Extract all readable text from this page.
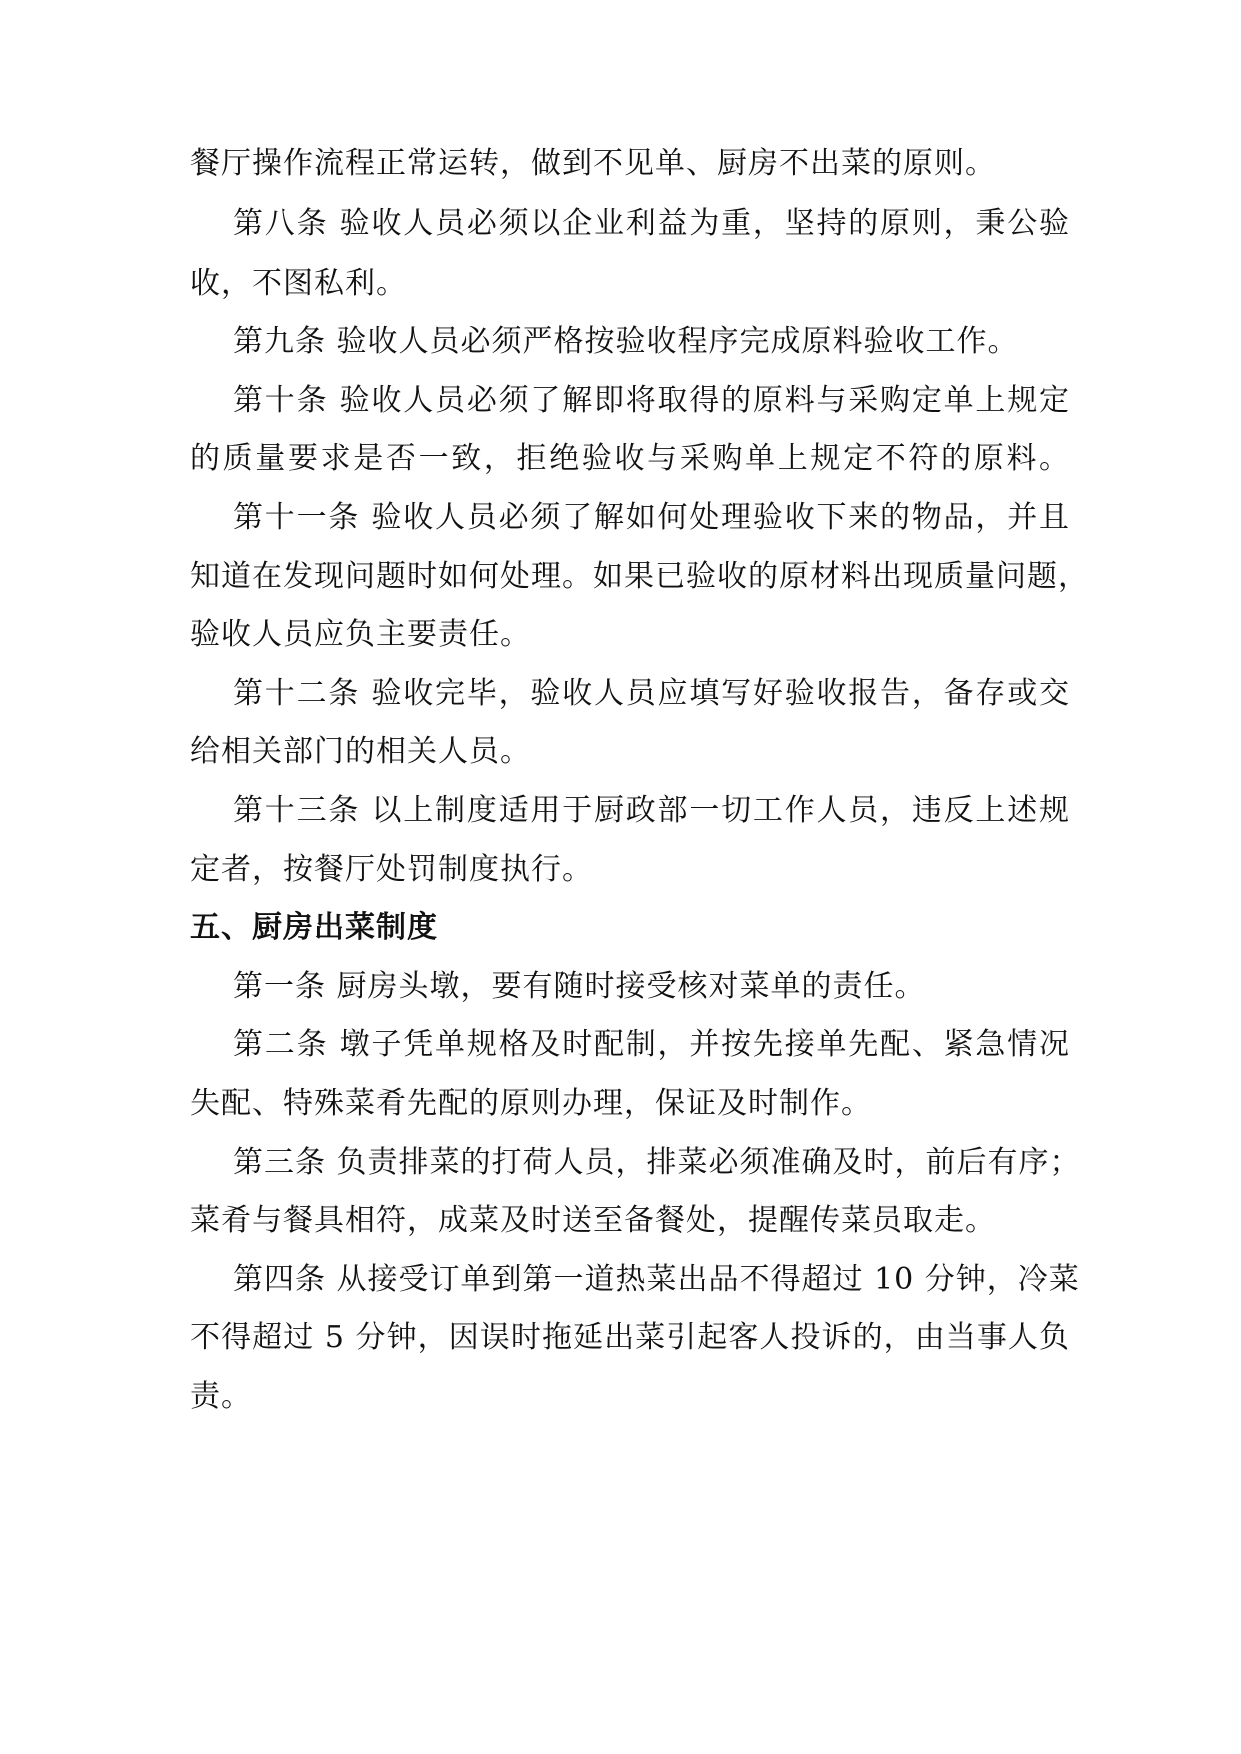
餐厅操作流程正常运转，做到不见单、厨房不出菜的原则。
第八条 验收人员必须以企业利益为重，坚持的原则，秉公验
收，不图私利。
第九条 验收人员必须严格按验收程序完成原料验收工作。
第十条 验收人员必须了解即将取得的原料与采购定单上规定
的质量要求是否一致，拒绝验收与采购单上规定不符的原料。
第十一条 验收人员必须了解如何处理验收下来的物品，并且
知道在发现问题时如何处理。如果已验收的原材料出现质量问题，
验收人员应负主要责任。
第十二条 验收完毕，验收人员应填写好验收报告，备存或交
给相关部门的相关人员。
第十三条 以上制度适用于厨政部一切工作人员，违反上述规
定者，按餐厅处罚制度执行。
五、厨房出菜制度
第一条 厨房头墩，要有随时接受核对菜单的责任。
第二条 墩子凭单规格及时配制，并按先接单先配、紧急情况
失配、特殊菜肴先配的原则办理，保证及时制作。
第三条 负责排菜的打荷人员，排菜必须准确及时，前后有序；
菜肴与餐具相符，成菜及时送至备餐处，提醒传菜员取走。
第四条 从接受订单到第一道热菜出品不得超过 10 分钟，冷菜
不得超过 5 分钟，因误时拖延出菜引起客人投诉的，由当事人负
责。
